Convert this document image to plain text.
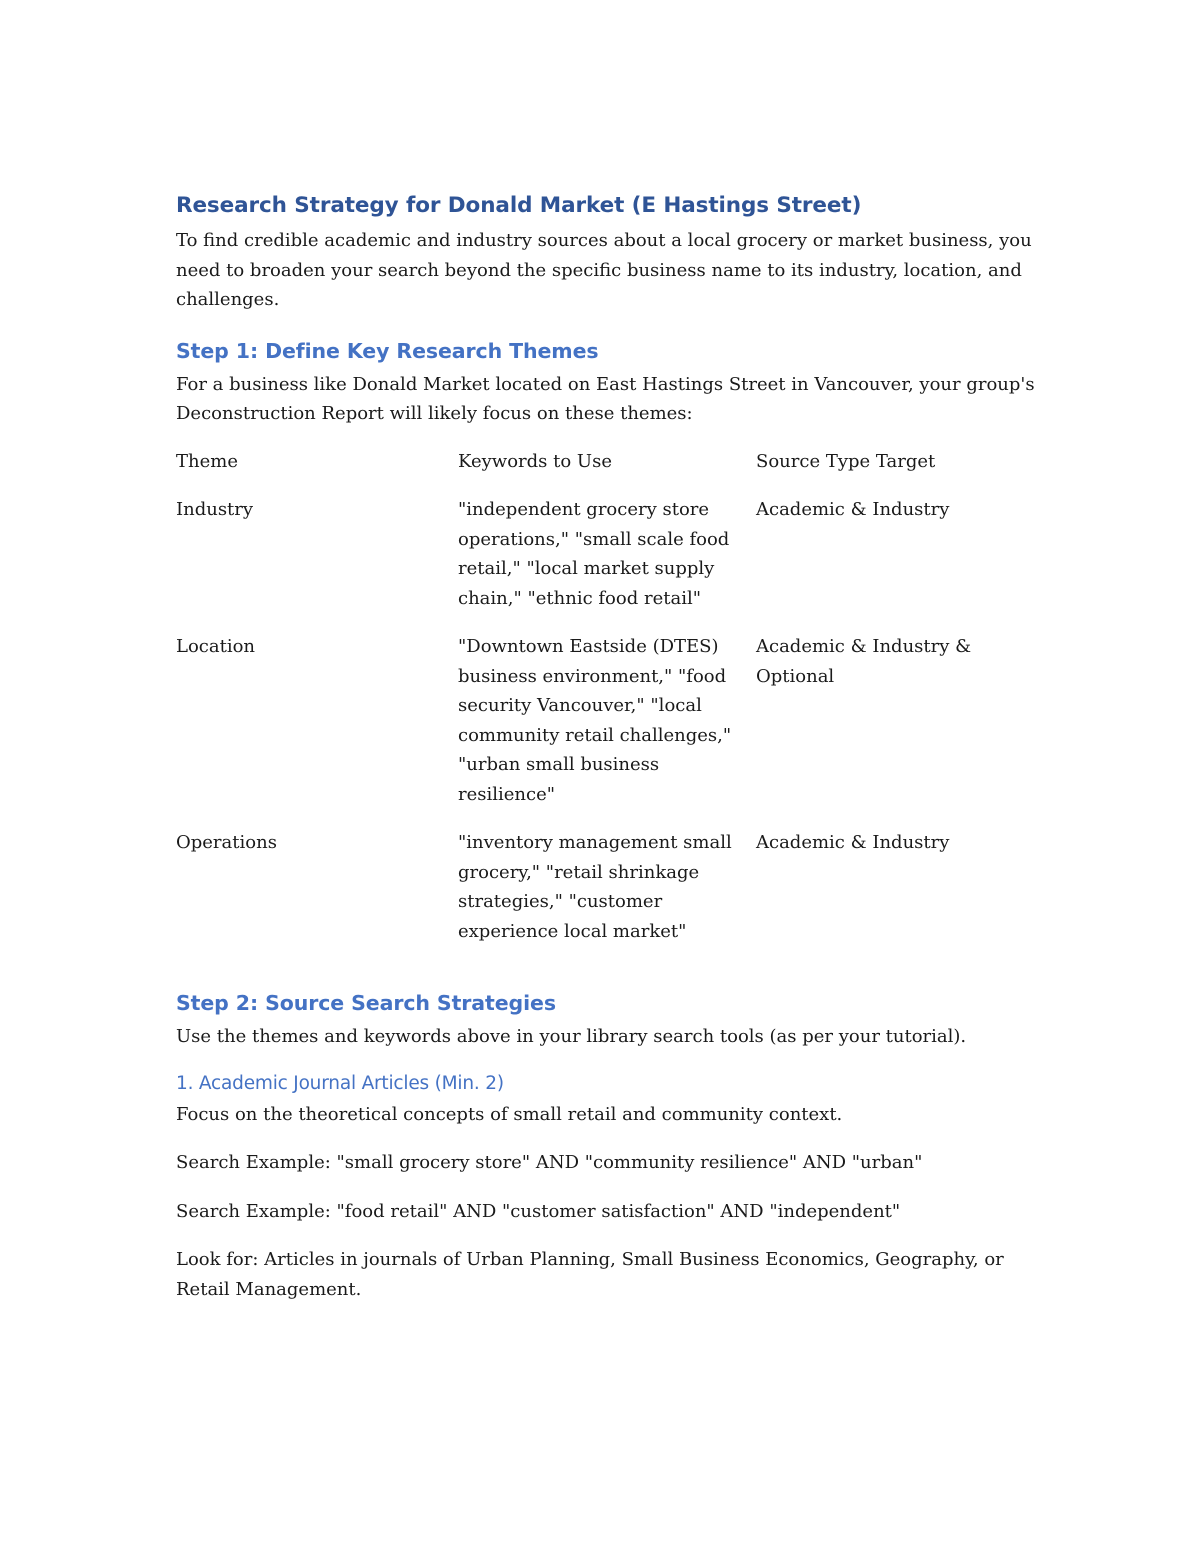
Research Strategy for Donald Market (E Hastings Street)

To find credible academic and industry sources about a local grocery or market business, you need to broaden your search beyond the specific business name to its industry, location, and challenges.

Step 1: Define Key Research Themes

For a business like Donald Market located on East Hastings Street in Vancouver, your group's Deconstruction Report will likely focus on these themes:

Theme	Keywords to Use	Source Type Target
Industry	"independent grocery store operations," "small scale food retail," "local market supply chain," "ethnic food retail"	Academic & Industry
Location	"Downtown Eastside (DTES) business environment," "food security Vancouver," "local community retail challenges," "urban small business resilience"	Academic & Industry & Optional
Operations	"inventory management small grocery," "retail shrinkage strategies," "customer experience local market"	Academic & Industry
Step 2: Source Search Strategies

Use the themes and keywords above in your library search tools (as per your tutorial).

1. Academic Journal Articles (Min. 2)

Focus on the theoretical concepts of small retail and community context.

Search Example: "small grocery store" AND "community resilience" AND "urban"

Search Example: "food retail" AND "customer satisfaction" AND "independent"

Look for: Articles in journals of Urban Planning, Small Business Economics, Geography, or Retail Management.
